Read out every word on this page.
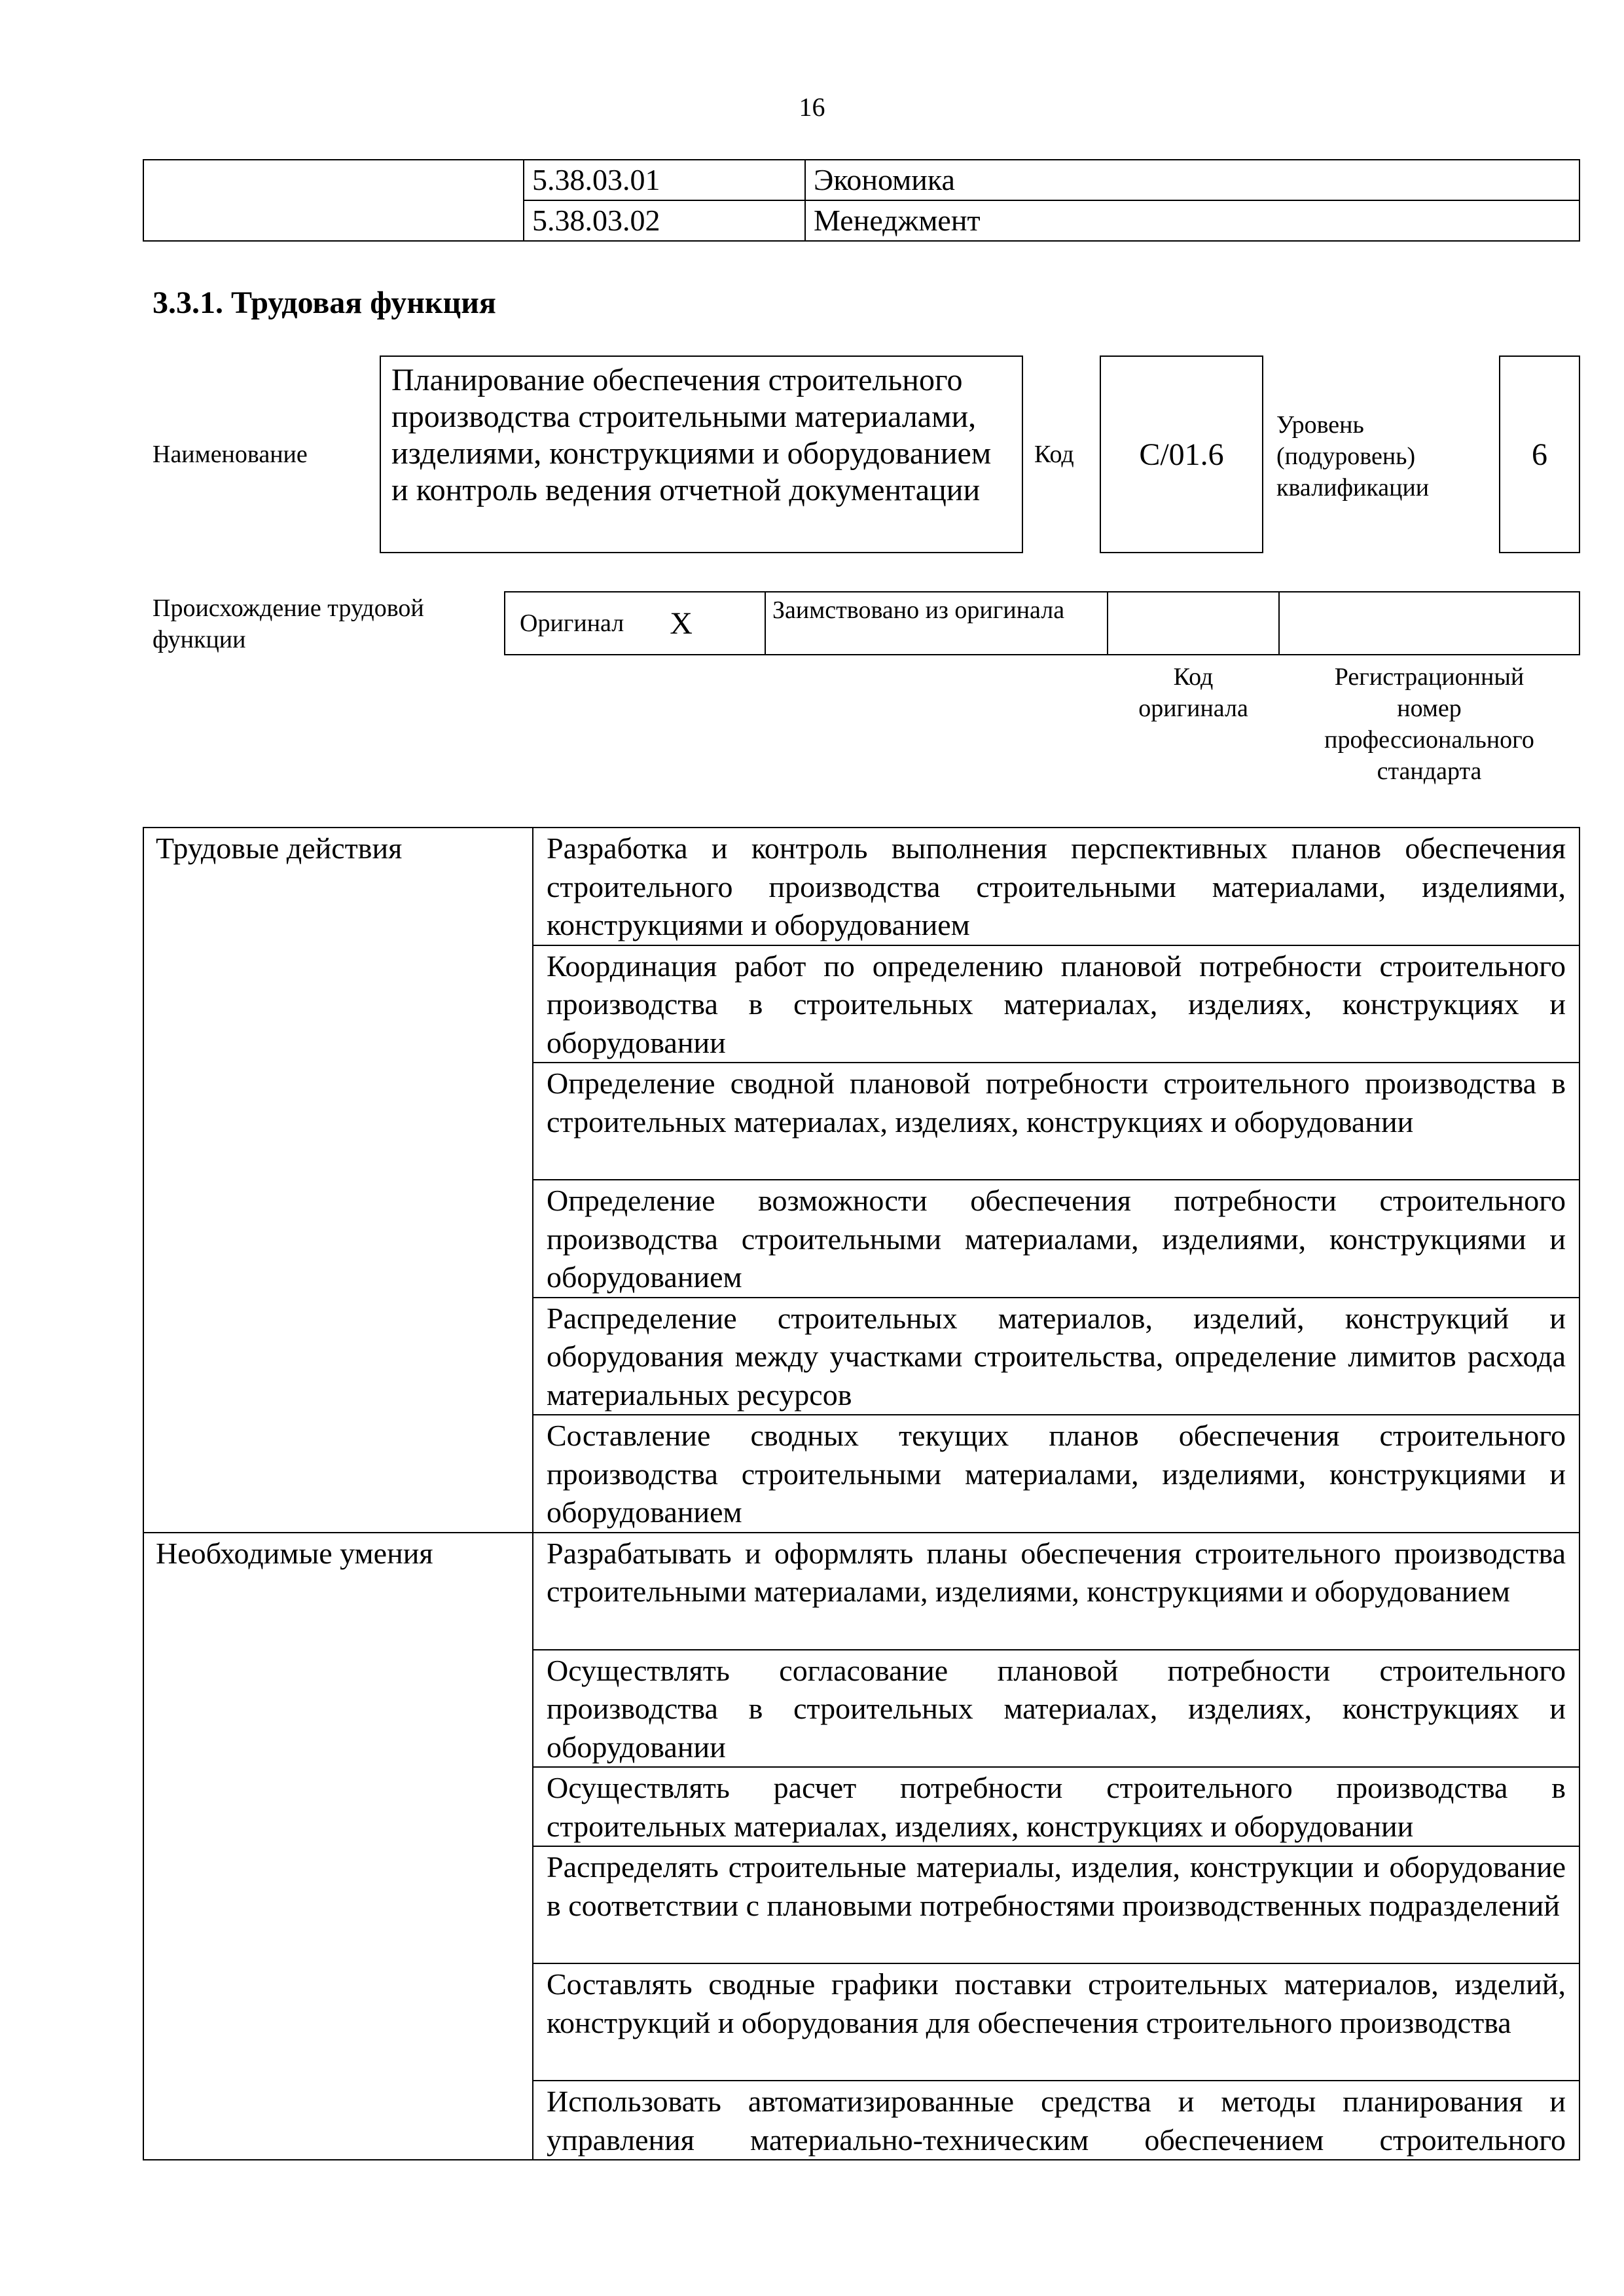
16
	5.38.03.01	Экономика
	5.38.03.02	Менеджмент
3.3.1. Трудовая функция
Наименование
Планирование обеспечения строительного производства строительными материалами, изделиями, конструкциями и оборудованием и контроль ведения отчетной документации
Код С/01.6
Уровень
(подуровень)
квалификации
6
Происхождение трудовой функции
Оригинал X	Заимствовано из оригинала
Код
оригинала
Регистрационный
номер
профессионального
стандарта
Трудовые действия	Разработка и контроль выполнения перспективных планов обеспечения строительного производства строительными материалами, изделиями, конструкциями и оборудованием
	Координация работ по определению плановой потребности строительного производства в строительных материалах, изделиях, конструкциях и оборудовании
	Определение сводной плановой потребности строительного производства в строительных материалах, изделиях, конструкциях и оборудовании
	Определение возможности обеспечения потребности строительного производства строительными материалами, изделиями, конструкциями и оборудованием
	Распределение строительных материалов, изделий, конструкций и оборудования между участками строительства, определение лимитов расхода материальных ресурсов
	Составление сводных текущих планов обеспечения строительного производства строительными материалами, изделиями, конструкциями и оборудованием
Необходимые умения	Разрабатывать и оформлять планы обеспечения строительного производства строительными материалами, изделиями, конструкциями и оборудованием
	Осуществлять согласование плановой потребности строительного производства в строительных материалах, изделиях, конструкциях и оборудовании
	Осуществлять расчет потребности строительного производства в строительных материалах, изделиях, конструкциях и оборудовании
	Распределять строительные материалы, изделия, конструкции и оборудование в соответствии с плановыми потребностями производственных подразделений
	Составлять сводные графики поставки строительных материалов, изделий, конструкций и оборудования для обеспечения строительного производства
	Использовать автоматизированные средства и методы планирования и управления материально-техническим обеспечением строительного
